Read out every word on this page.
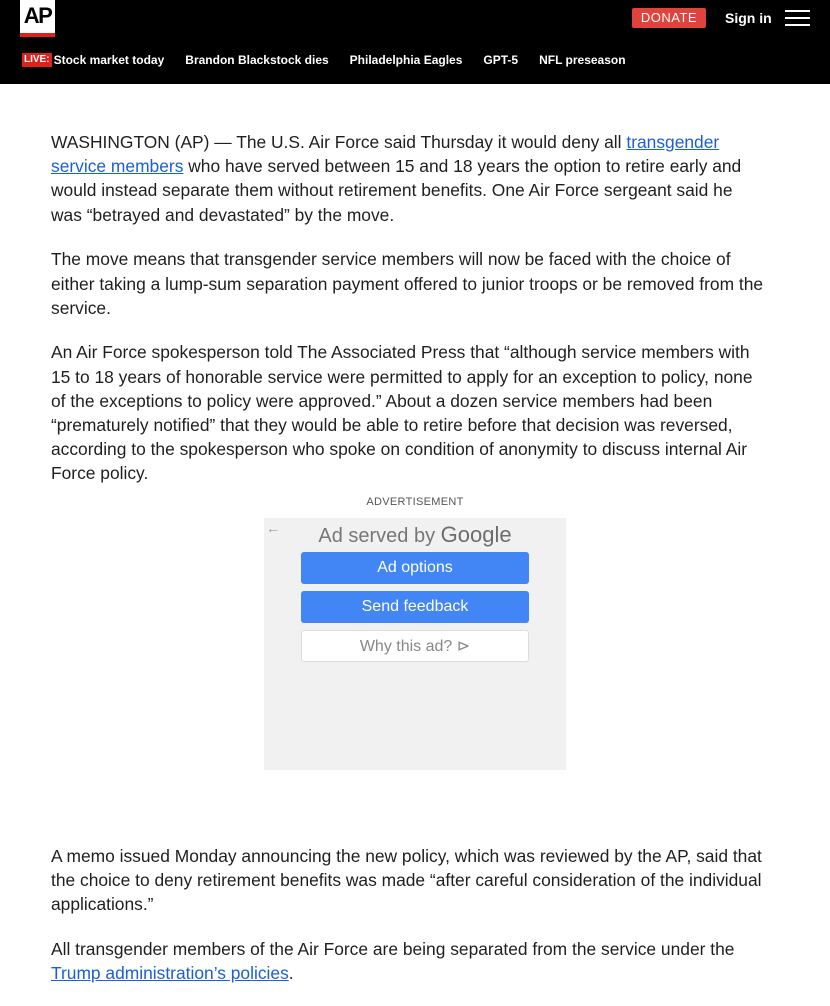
AP	DONATE	Sign in
LIVE: Stock market today Brandon Blackstock dies Philadelphia Eagles GPT-5 NFL preseason

WASHINGTON (AP) — The U.S. Air Force said Thursday it would deny all transgender service members who have served between 15 and 18 years the option to retire early and would instead separate them without retirement benefits. One Air Force sergeant said he was “betrayed and devastated” by the move.

The move means that transgender service members will now be faced with the choice of either taking a lump-sum separation payment offered to junior troops or be removed from the service.

An Air Force spokesperson told The Associated Press that “although service members with 15 to 18 years of honorable service were permitted to apply for an exception to policy, none of the exceptions to policy were approved.” About a dozen service members had been “prematurely notified” that they would be able to retire before that decision was reversed, according to the spokesperson who spoke on condition of anonymity to discuss internal Air Force policy.

A memo issued Monday announcing the new policy, which was reviewed by the AP, said that the choice to deny retirement benefits was made “after careful consideration of the individual applications.”

All transgender members of the Air Force are being separated from the service under the Trump administration’s policies.

ADVERTISEMENT
←	Ad served by Google
Ad options
Send feedback
Why this ad? ⊳
